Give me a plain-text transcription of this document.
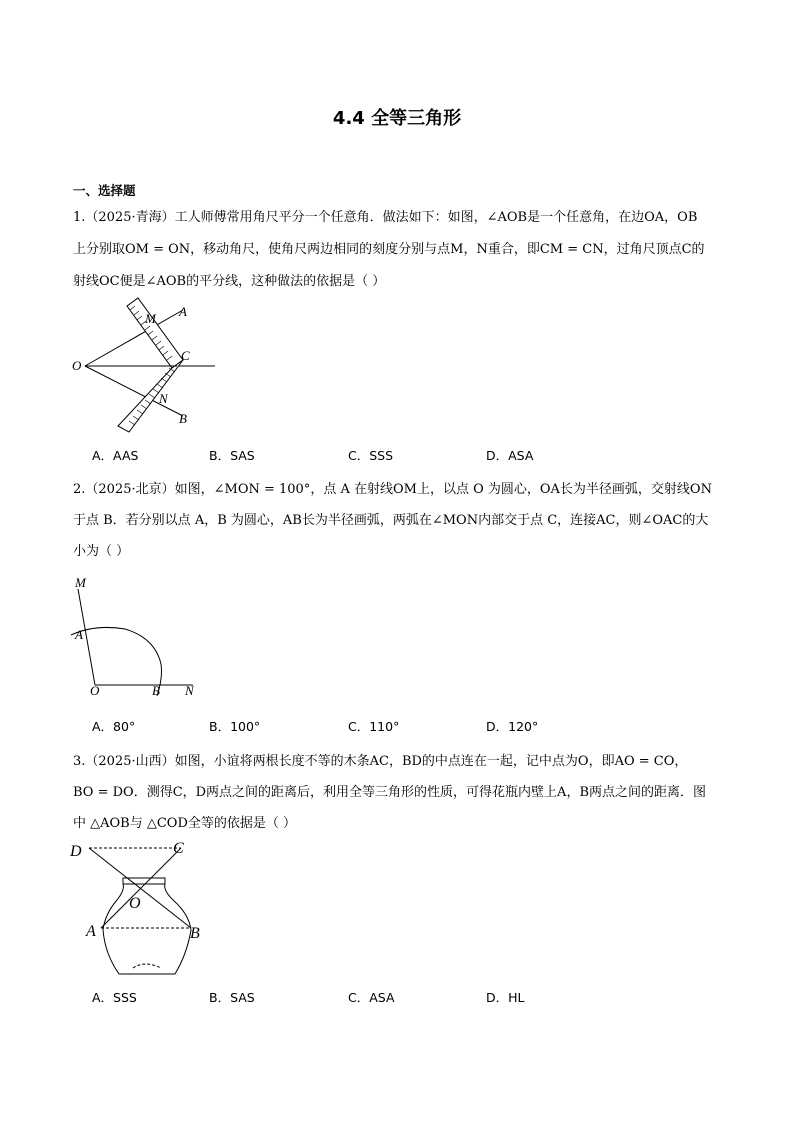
4.4 全等三角形
一、选择题
1.（2025·青海）工人师傅常用角尺平分一个任意角．做法如下：如图，∠AOB是一个任意角，在边OA，OB
上分别取OM = ON，移动角尺，使角尺两边相同的刻度分别与点M，N重合，即CM = CN，过角尺顶点C的
射线OC便是∠AOB的平分线，这种做法的依据是（ ）
A
M
O
C
N
B
A．AAS	B．SAS	C．SSS	D．ASA
2.（2025·北京）如图，∠MON = 100°，点 A 在射线OM上，以点 O 为圆心，OA长为半径画弧，交射线ON
于点 B．若分别以点 A，B 为圆心，AB长为半径画弧，两弧在∠MON内部交于点 C，连接AC，则∠OAC的大
小为（ ）
M
A
O	B N
A．80°	B．100°	C．110°	D．120°
3.（2025·山西）如图，小谊将两根长度不等的木条AC，BD的中点连在一起，记中点为O，即AO = CO，
BO = DO．测得C，D两点之间的距离后，利用全等三角形的性质，可得花瓶内壁上A，B两点之间的距离．图
中 △AOB与 △COD全等的依据是（ ）
D	C
O
A	B
A．SSS	B．SAS	C．ASA	D．HL
